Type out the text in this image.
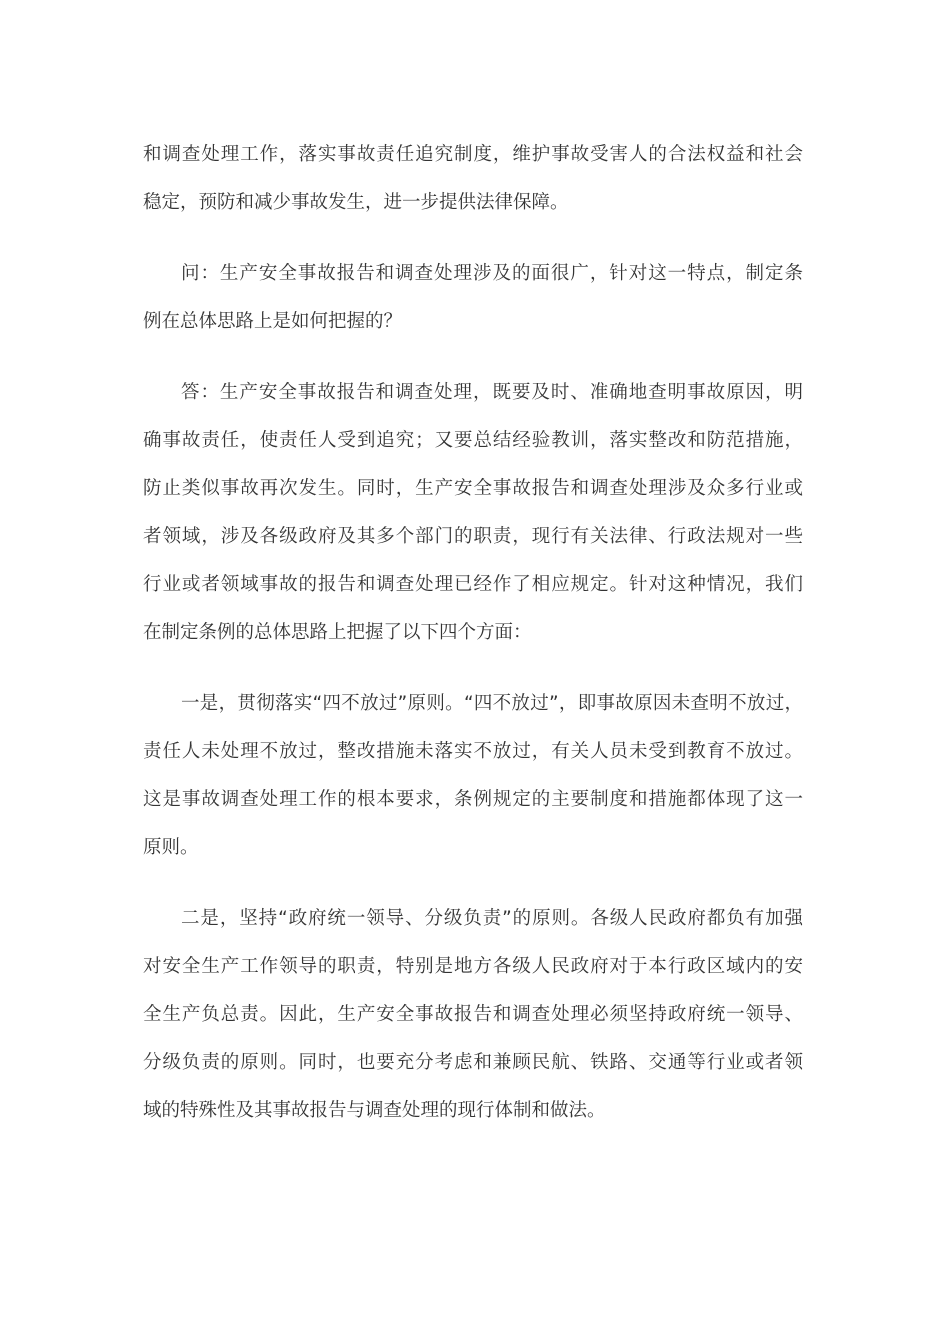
和调查处理工作，落实事故责任追究制度，维护事故受害人的合法权益和社会
稳定，预防和减少事故发生，进一步提供法律保障。
问：生产安全事故报告和调查处理涉及的面很广，针对这一特点，制定条
例在总体思路上是如何把握的？
答：生产安全事故报告和调查处理，既要及时、准确地查明事故原因，明
确事故责任，使责任人受到追究；又要总结经验教训，落实整改和防范措施，
防止类似事故再次发生。同时，生产安全事故报告和调查处理涉及众多行业或
者领域，涉及各级政府及其多个部门的职责，现行有关法律、行政法规对一些
行业或者领域事故的报告和调查处理已经作了相应规定。针对这种情况，我们
在制定条例的总体思路上把握了以下四个方面：
一是，贯彻落实“四不放过”原则。“四不放过”，即事故原因未查明不放过，
责任人未处理不放过，整改措施未落实不放过，有关人员未受到教育不放过。
这是事故调查处理工作的根本要求，条例规定的主要制度和措施都体现了这一
原则。
二是，坚持“政府统一领导、分级负责”的原则。各级人民政府都负有加强
对安全生产工作领导的职责，特别是地方各级人民政府对于本行政区域内的安
全生产负总责。因此，生产安全事故报告和调查处理必须坚持政府统一领导、
分级负责的原则。同时，也要充分考虑和兼顾民航、铁路、交通等行业或者领
域的特殊性及其事故报告与调查处理的现行体制和做法。
